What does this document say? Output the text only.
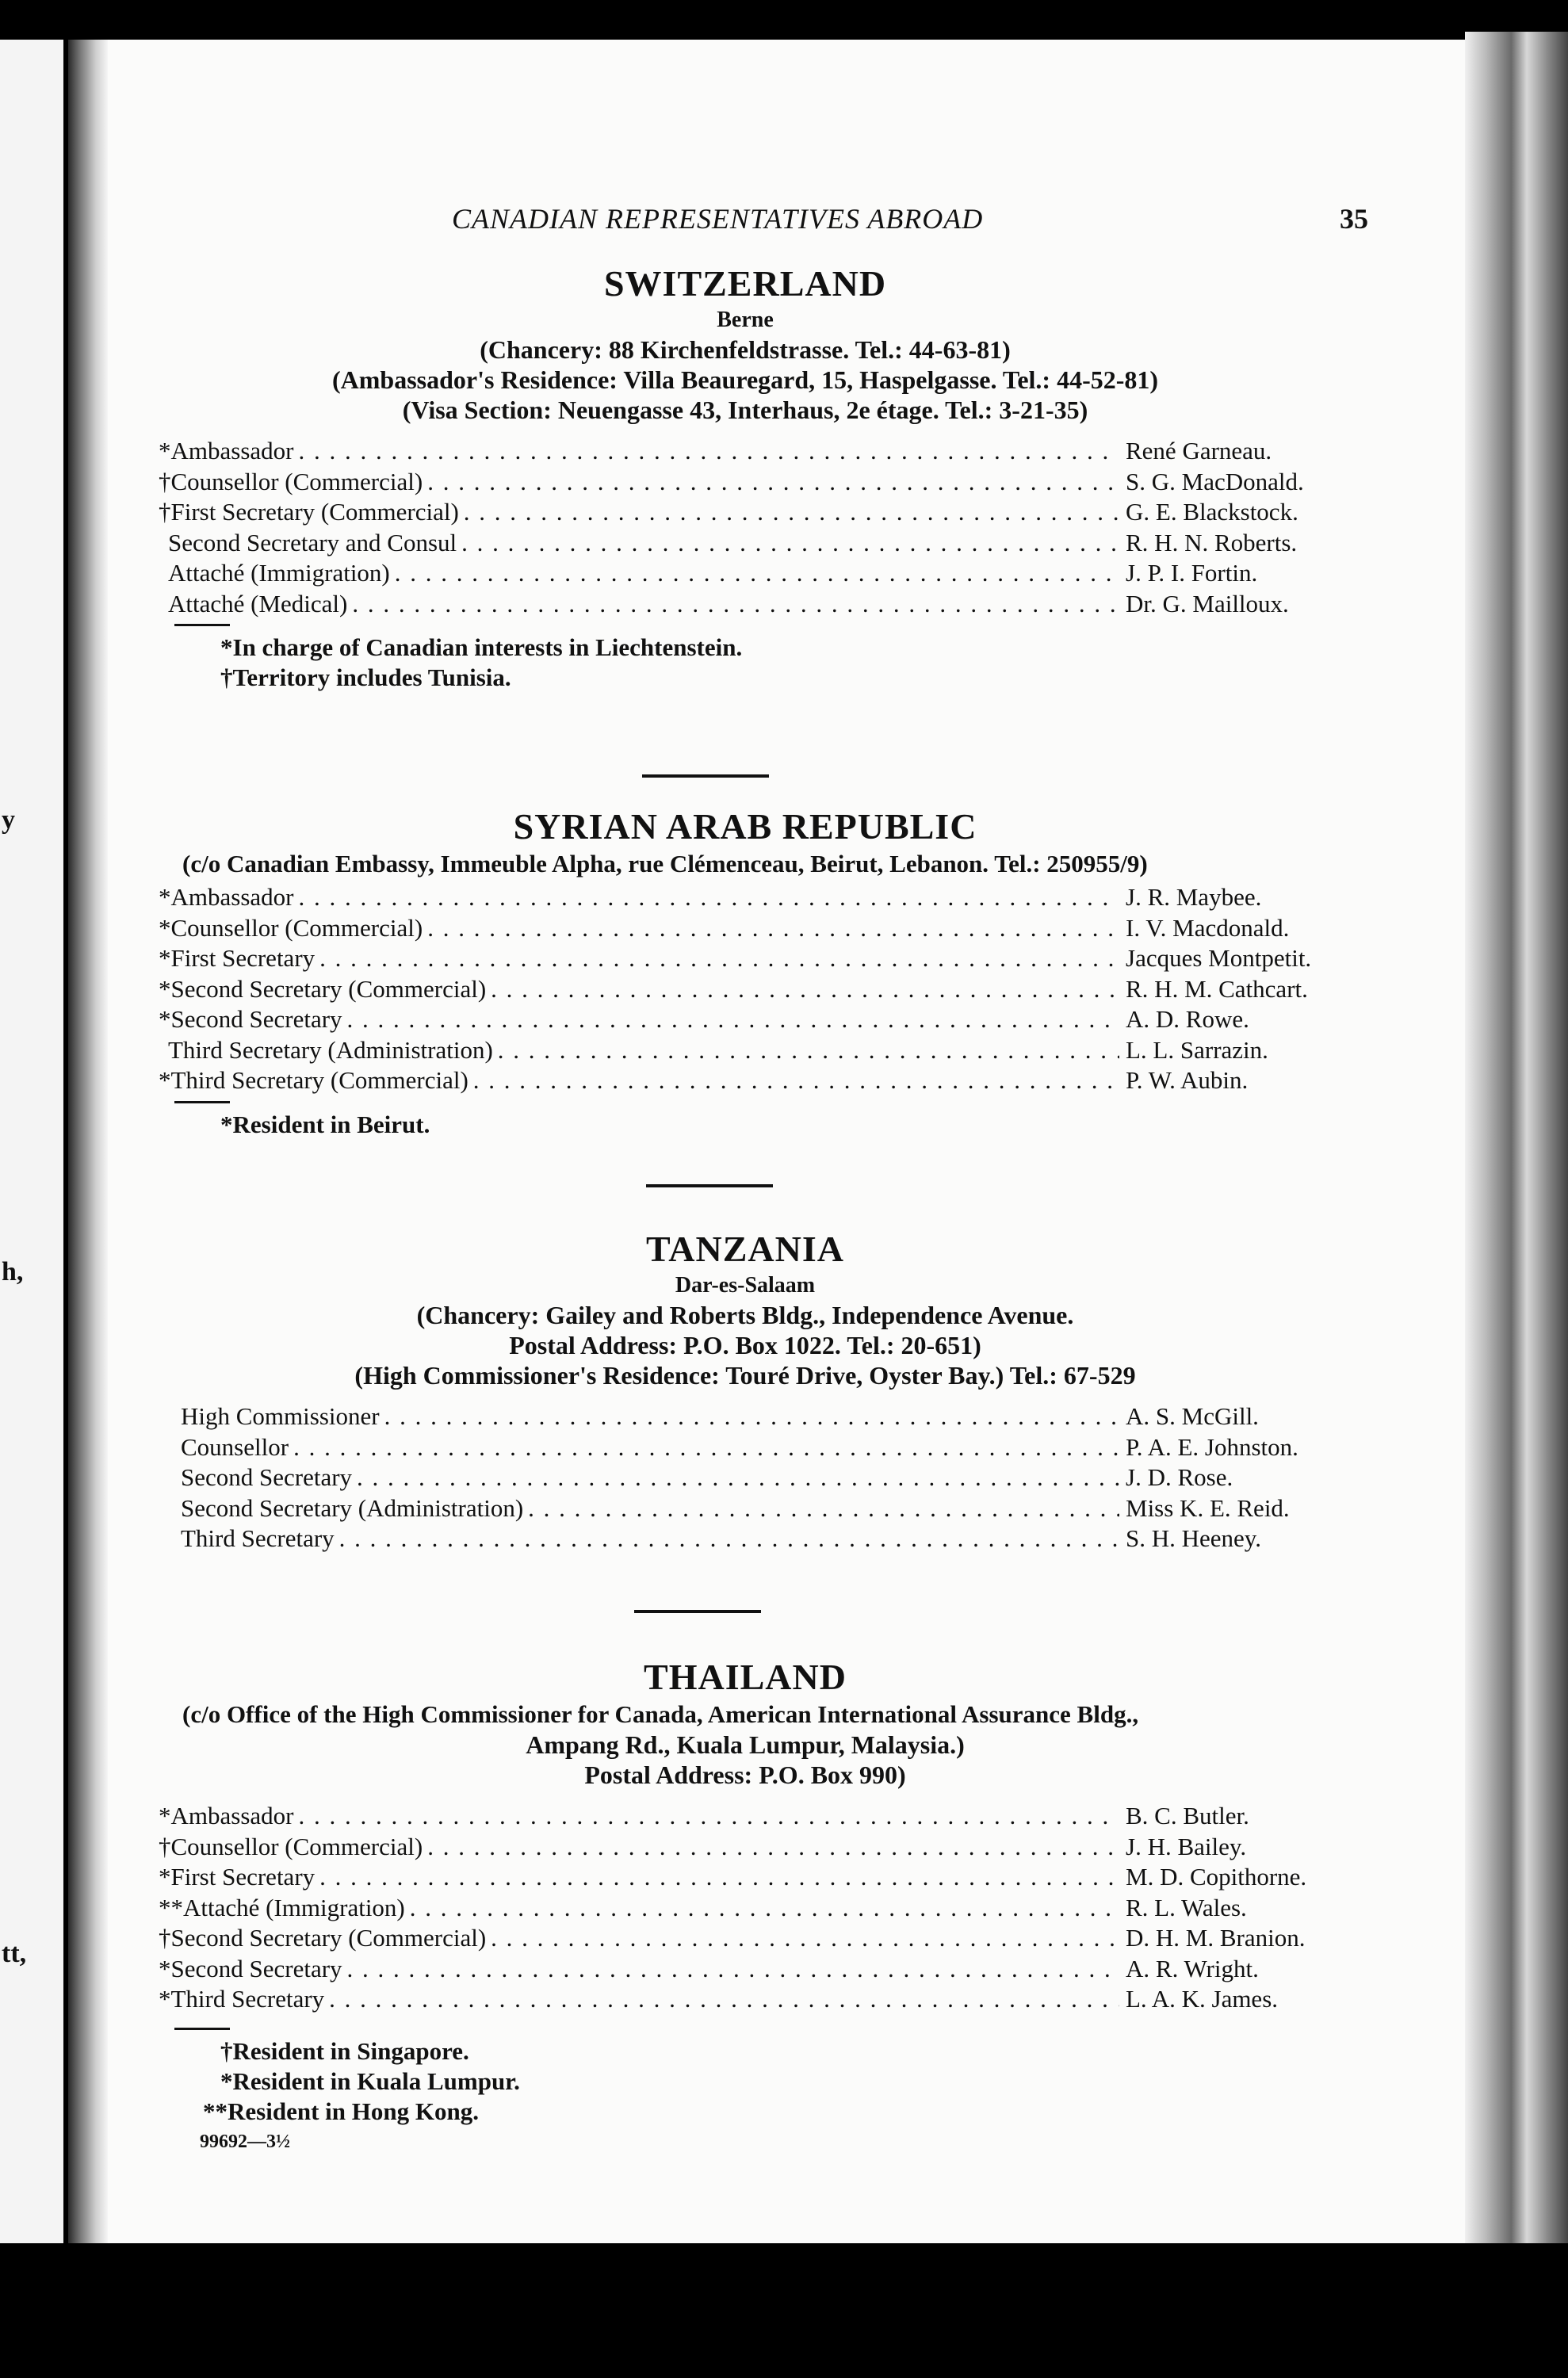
y
h,
tt,
CANADIAN REPRESENTATIVES ABROAD	35
SWITZERLAND
Berne
(Chancery: 88 Kirchenfeldstrasse. Tel.: 44-63-81)
(Ambassador's Residence: Villa Beauregard, 15, Haspelgasse. Tel.: 44-52-81)
(Visa Section: Neuengasse 43, Interhaus, 2e étage. Tel.: 3-21-35)
*Ambassador . . .	René Garneau.
†Counsellor (Commercial) . . .	S. G. MacDonald.
†First Secretary (Commercial) . . .	G. E. Blackstock.
Second Secretary and Consul . . .	R. H. N. Roberts.
Attaché (Immigration) . . .	J. P. I. Fortin.
Attaché (Medical) . . .	Dr. G. Mailloux.
*In charge of Canadian interests in Liechtenstein.
†Territory includes Tunisia.
SYRIAN ARAB REPUBLIC
(c/o Canadian Embassy, Immeuble Alpha, rue Clémenceau, Beirut, Lebanon. Tel.: 250955/9)
*Ambassador . . .	J. R. Maybee.
*Counsellor (Commercial) . . .	I. V. Macdonald.
*First Secretary . . .	Jacques Montpetit.
*Second Secretary (Commercial) . . .	R. H. M. Cathcart.
*Second Secretary . . .	A. D. Rowe.
Third Secretary (Administration) . . .	L. L. Sarrazin.
*Third Secretary (Commercial) . . .	P. W. Aubin.
*Resident in Beirut.
TANZANIA
Dar-es-Salaam
(Chancery: Gailey and Roberts Bldg., Independence Avenue.
Postal Address: P.O. Box 1022. Tel.: 20-651)
(High Commissioner's Residence: Touré Drive, Oyster Bay.) Tel.: 67-529
High Commissioner . . .	A. S. McGill.
Counsellor . . .	P. A. E. Johnston.
Second Secretary . . .	J. D. Rose.
Second Secretary (Administration) . . .	Miss K. E. Reid.
Third Secretary . . .	S. H. Heeney.
THAILAND
(c/o Office of the High Commissioner for Canada, American International Assurance Bldg.,
Ampang Rd., Kuala Lumpur, Malaysia.)
Postal Address: P.O. Box 990)
*Ambassador . . .	B. C. Butler.
†Counsellor (Commercial) . . .	J. H. Bailey.
*First Secretary . . .	M. D. Copithorne.
**Attaché (Immigration) . . .	R. L. Wales.
†Second Secretary (Commercial) . . .	D. H. M. Branion.
*Second Secretary . . .	A. R. Wright.
*Third Secretary . . .	L. A. K. James.
†Resident in Singapore.
*Resident in Kuala Lumpur.
**Resident in Hong Kong.
99692—3½
